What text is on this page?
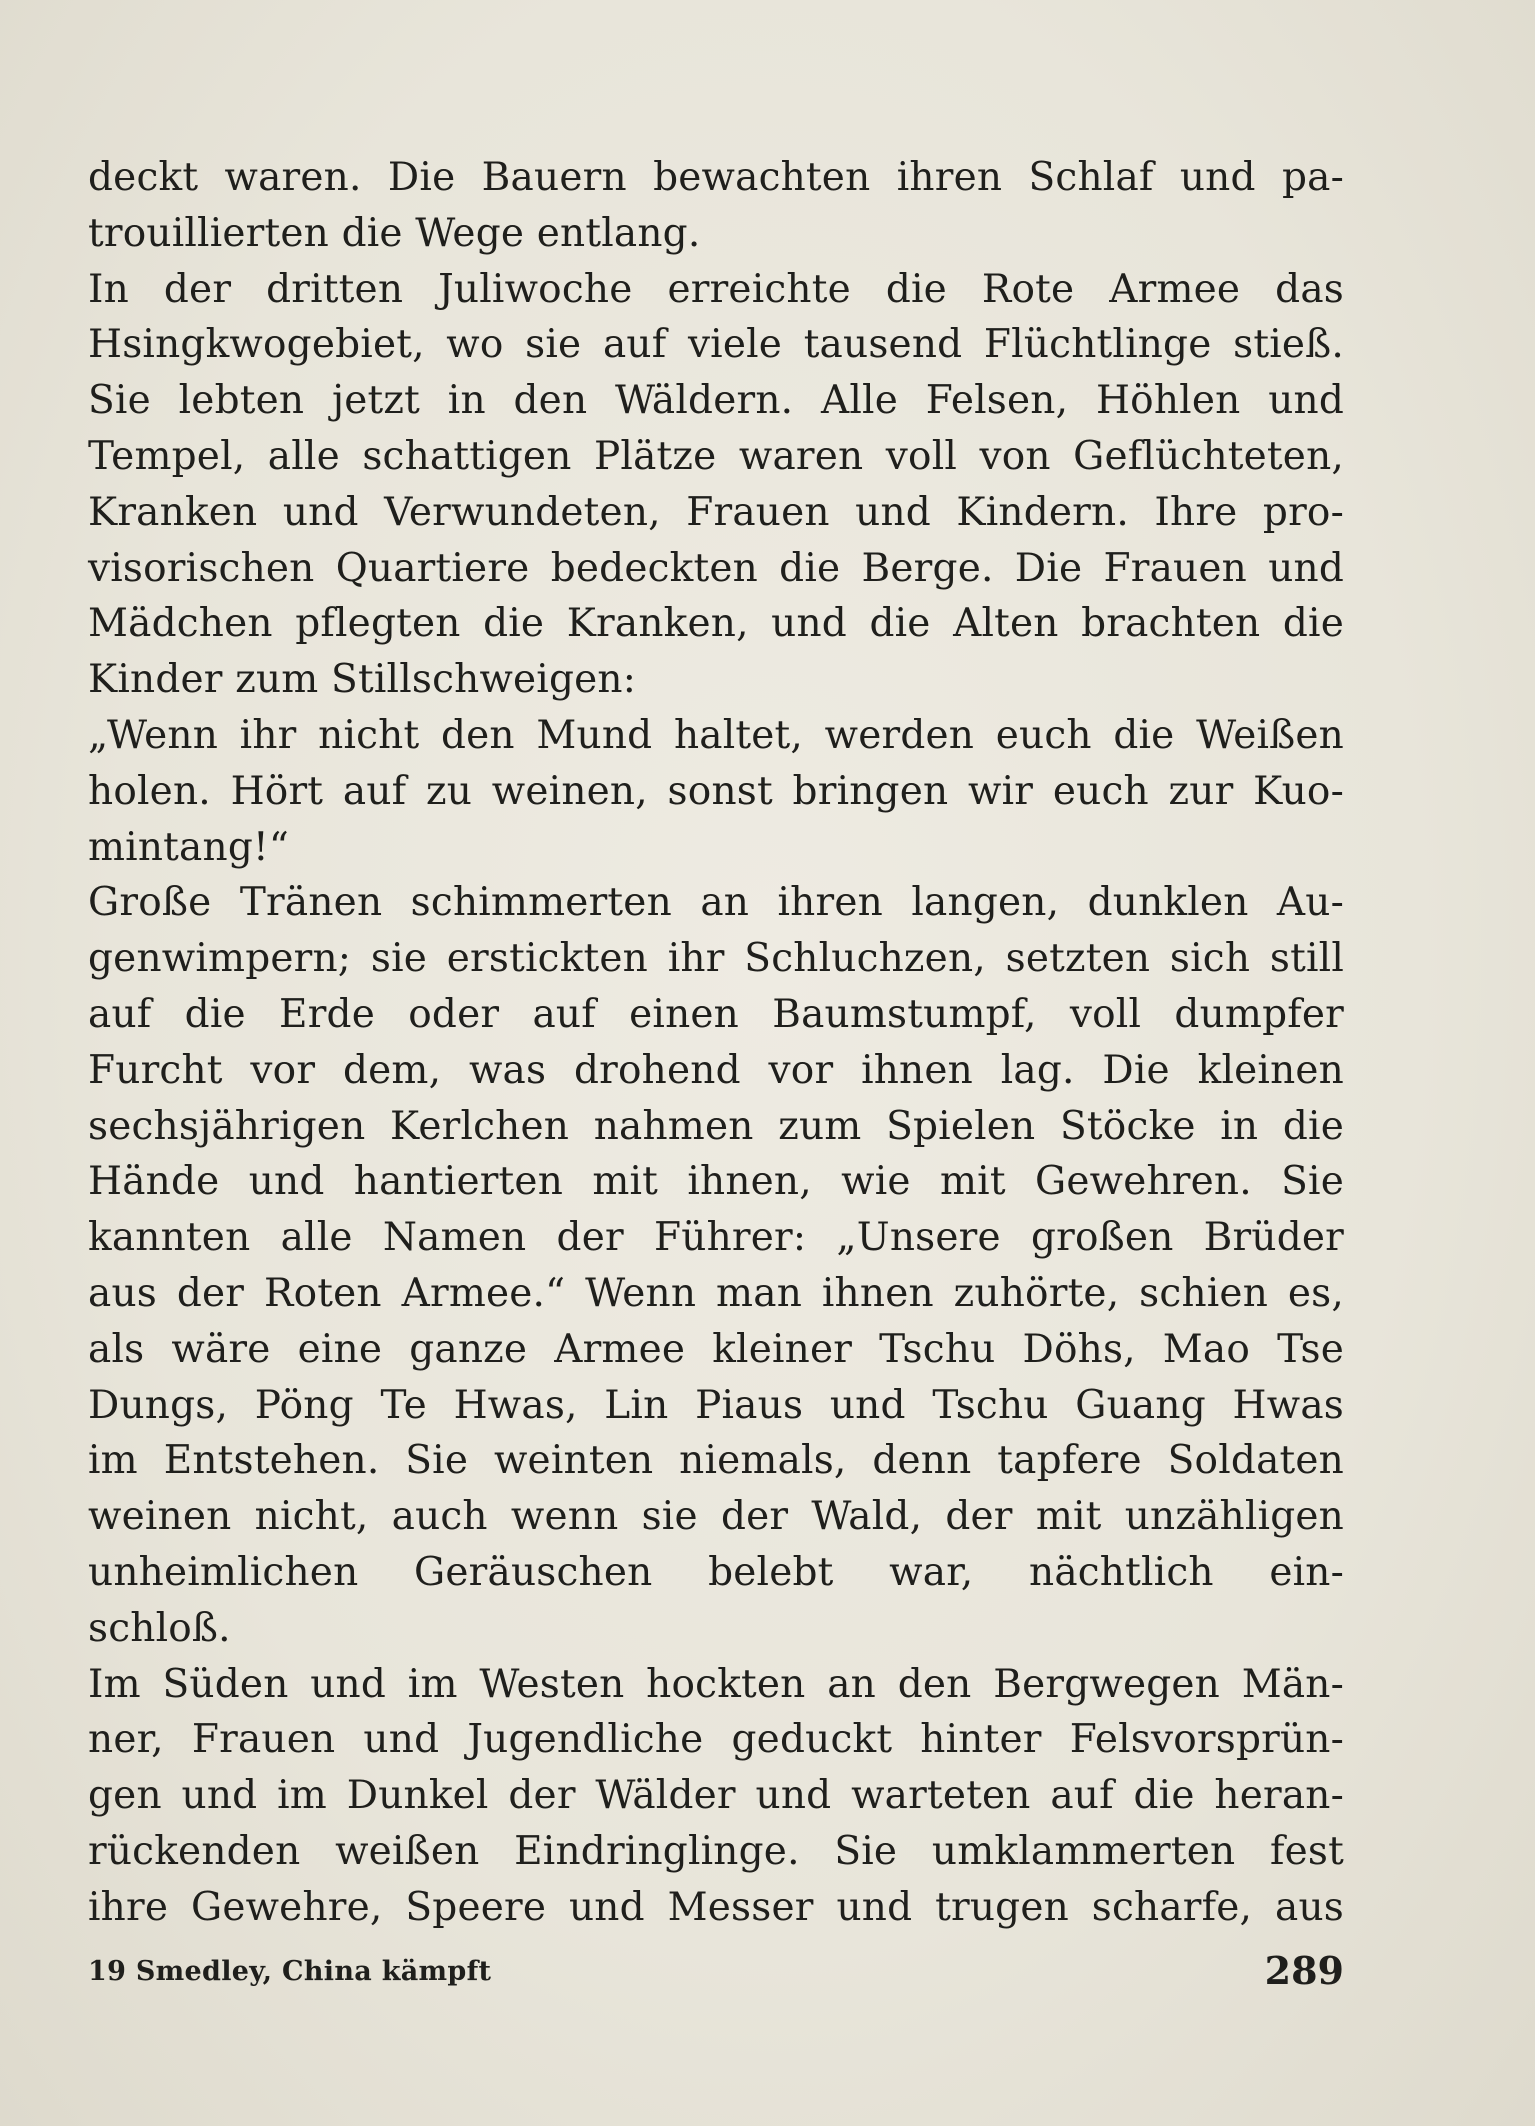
deckt waren. Die Bauern bewachten ihren Schlaf und pa-
trouillierten die Wege entlang.
In der dritten Juliwoche erreichte die Rote Armee das
Hsingkwogebiet, wo sie auf viele tausend Flüchtlinge stieß.
Sie lebten jetzt in den Wäldern. Alle Felsen, Höhlen und
Tempel, alle schattigen Plätze waren voll von Geflüchteten,
Kranken und Verwundeten, Frauen und Kindern. Ihre pro-
visorischen Quartiere bedeckten die Berge. Die Frauen und
Mädchen pflegten die Kranken, und die Alten brachten die
Kinder zum Stillschweigen:
„Wenn ihr nicht den Mund haltet, werden euch die Weißen
holen. Hört auf zu weinen, sonst bringen wir euch zur Kuo-
mintang!“
Große Tränen schimmerten an ihren langen, dunklen Au-
genwimpern; sie erstickten ihr Schluchzen, setzten sich still
auf die Erde oder auf einen Baumstumpf, voll dumpfer
Furcht vor dem, was drohend vor ihnen lag. Die kleinen
sechsjährigen Kerlchen nahmen zum Spielen Stöcke in die
Hände und hantierten mit ihnen, wie mit Gewehren. Sie
kannten alle Namen der Führer: „Unsere großen Brüder
aus der Roten Armee.“ Wenn man ihnen zuhörte, schien es,
als wäre eine ganze Armee kleiner Tschu Döhs, Mao Tse
Dungs, Pöng Te Hwas, Lin Piaus und Tschu Guang Hwas
im Entstehen. Sie weinten niemals, denn tapfere Soldaten
weinen nicht, auch wenn sie der Wald, der mit unzähligen
unheimlichen Geräuschen belebt war, nächtlich ein-
schloß.
Im Süden und im Westen hockten an den Bergwegen Män-
ner, Frauen und Jugendliche geduckt hinter Felsvorsprün-
gen und im Dunkel der Wälder und warteten auf die heran-
rückenden weißen Eindringlinge. Sie umklammerten fest
ihre Gewehre, Speere und Messer und trugen scharfe, aus
19 Smedley, China kämpft	289
